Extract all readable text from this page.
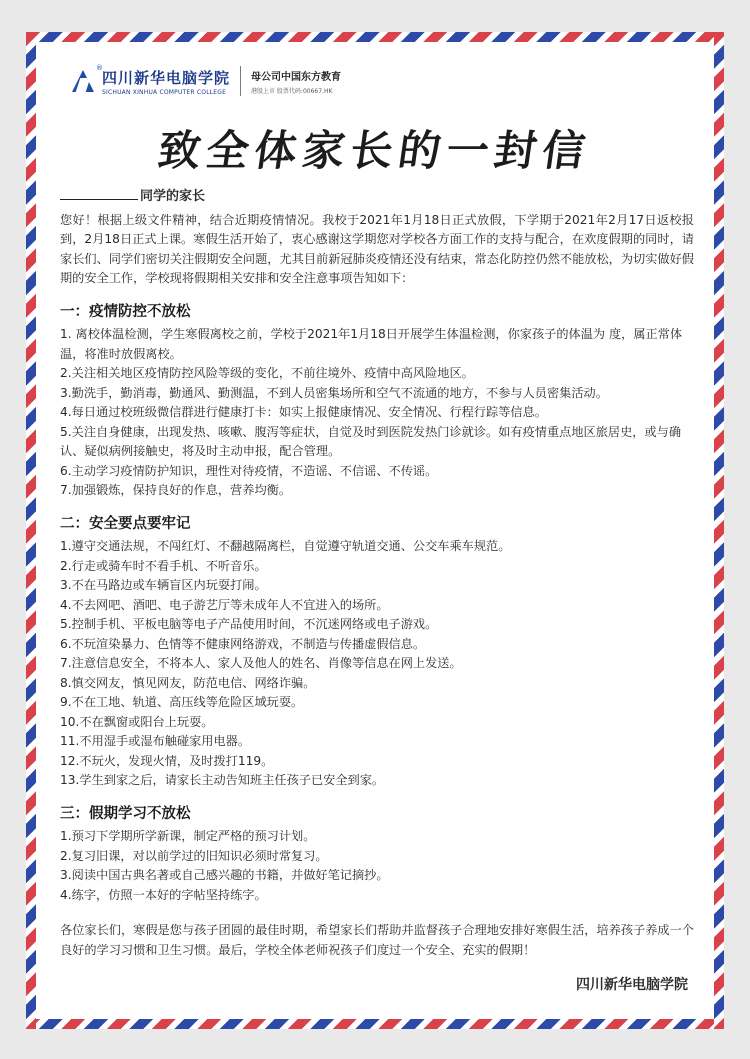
®
四川新华电脑学院
SICHUAN XINHUA COMPUTER COLLEGE
母公司中国东方教育
港股上市 股票代码:00667.HK
致全体家长的一封信
同学的家长
您好！根据上级文件精神，结合近期疫情情况。我校于2021年1月18日正式放假，下学期于2021年2月17日返校报到，2月18日正式上课。寒假生活开始了，衷心感谢这学期您对学校各方面工作的支持与配合，在欢度假期的同时，请家长们、同学们密切关注假期安全问题，尤其目前新冠肺炎疫情还没有结束，常态化防控仍然不能放松，为切实做好假期的安全工作，学校现将假期相关安排和安全注意事项告知如下：
一：疫情防控不放松
1. 离校体温检测，学生寒假离校之前，学校于2021年1月18日开展学生体温检测，你家孩子的体温为 度，属正常体温，将准时放假离校。
2.关注相关地区疫情防控风险等级的变化，不前往境外、疫情中高风险地区。
3.勤洗手，勤消毒，勤通风、勤测温，不到人员密集场所和空气不流通的地方，不参与人员密集活动。
4.每日通过校班级微信群进行健康打卡：如实上报健康情况、安全情况、行程行踪等信息。
5.关注自身健康，出现发热、咳嗽、腹泻等症状，自觉及时到医院发热门诊就诊。如有疫情重点地区旅居史，或与确认、疑似病例接触史，将及时主动申报，配合管理。
6.主动学习疫情防护知识，理性对待疫情，不造谣、不信谣、不传谣。
7.加强锻炼，保持良好的作息，营养均衡。
二：安全要点要牢记
1.遵守交通法规，不闯红灯、不翻越隔离栏，自觉遵守轨道交通、公交车乘车规范。
2.行走或骑车时不看手机、不听音乐。
3.不在马路边或车辆盲区内玩耍打闹。
4.不去网吧、酒吧、电子游艺厅等未成年人不宜进入的场所。
5.控制手机、平板电脑等电子产品使用时间，不沉迷网络或电子游戏。
6.不玩渲染暴力、色情等不健康网络游戏，不制造与传播虚假信息。
7.注意信息安全，不将本人、家人及他人的姓名、肖像等信息在网上发送。
8.慎交网友，慎见网友，防范电信、网络诈骗。
9.不在工地、轨道、高压线等危险区域玩耍。
10.不在飘窗或阳台上玩耍。
11.不用湿手或湿布触碰家用电器。
12.不玩火，发现火情，及时拨打119。
13.学生到家之后，请家长主动告知班主任孩子已安全到家。
三：假期学习不放松
1.预习下学期所学新课，制定严格的预习计划。
2.复习旧课，对以前学过的旧知识必须时常复习。
3.阅读中国古典名著或自己感兴趣的书籍，并做好笔记摘抄。
4.练字，仿照一本好的字帖坚持练字。
各位家长们，寒假是您与孩子团圆的最佳时期，希望家长们帮助并监督孩子合理地安排好寒假生活，培养孩子养成一个良好的学习习惯和卫生习惯。最后，学校全体老师祝孩子们度过一个安全、充实的假期！
四川新华电脑学院
